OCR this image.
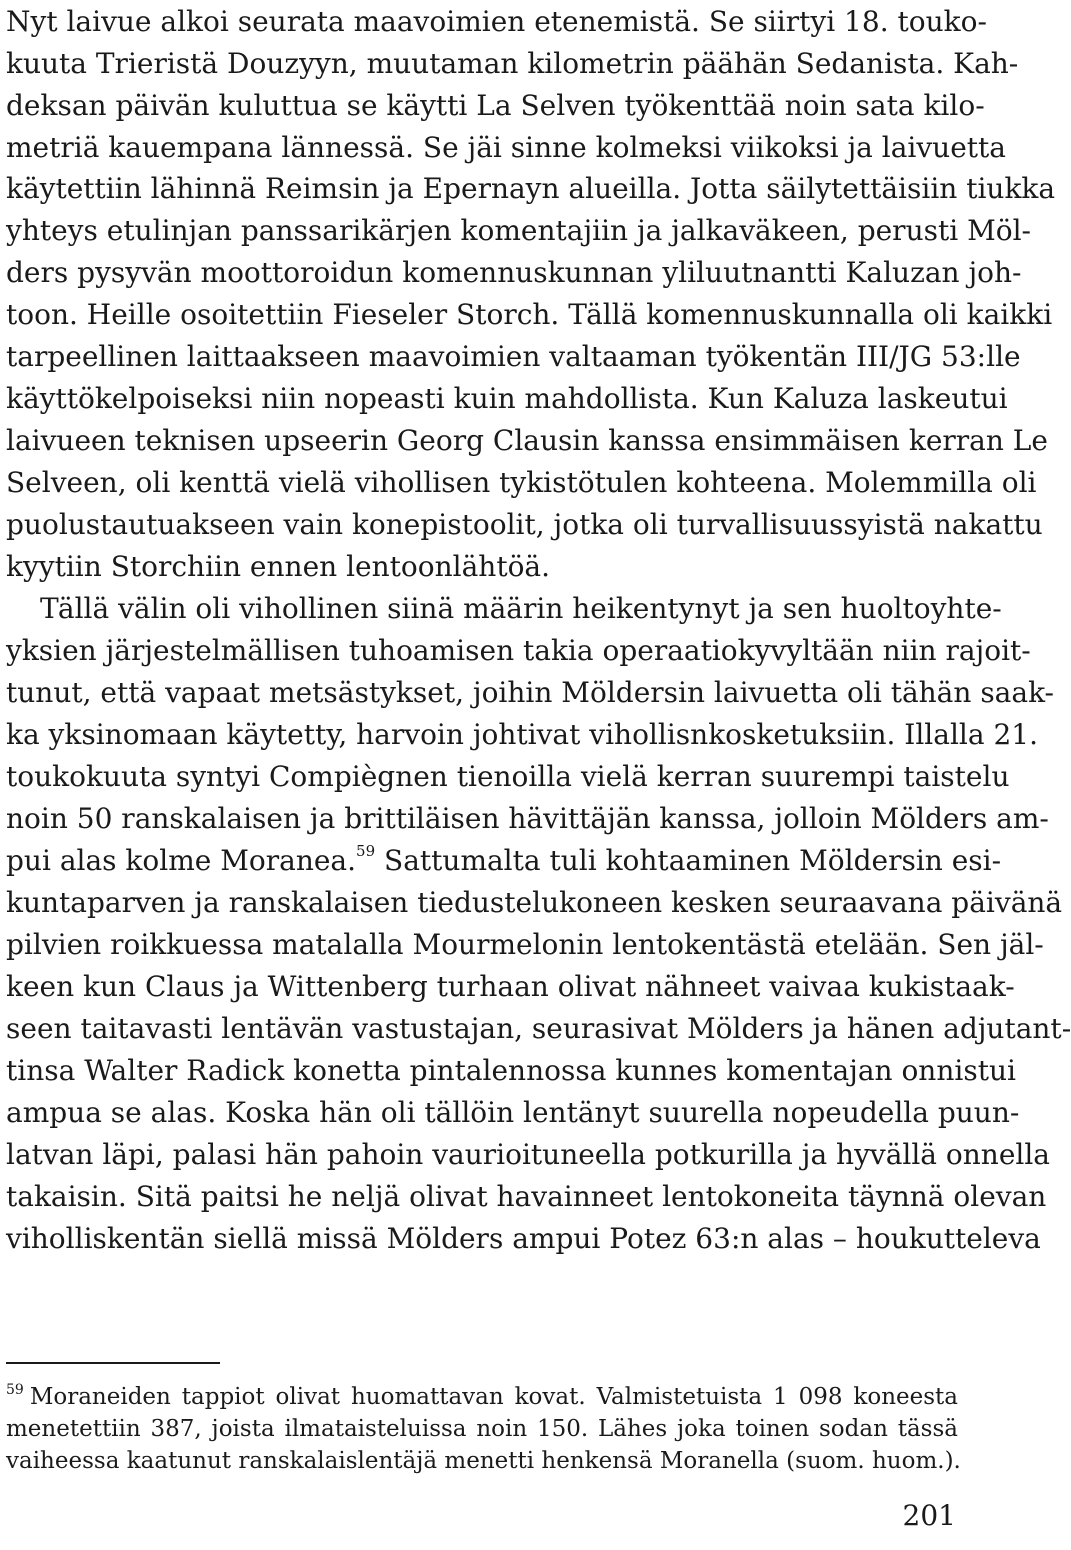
Nyt laivue alkoi seurata maavoimien etenemistä. Se siirtyi 18. touko-
kuuta Trieristä Douzyyn, muutaman kilometrin päähän Sedanista. Kah-
deksan päivän kuluttua se käytti La Selven työkenttää noin sata kilo-
metriä kauempana lännessä. Se jäi sinne kolmeksi viikoksi ja laivuetta
käytettiin lähinnä Reimsin ja Epernayn alueilla. Jotta säilytettäisiin tiukka
yhteys etulinjan panssarikärjen komentajiin ja jalkaväkeen, perusti Möl-
ders pysyvän moottoroidun komennuskunnan yliluutnantti Kaluzan joh-
toon. Heille osoitettiin Fieseler Storch. Tällä komennuskunnalla oli kaikki
tarpeellinen laittaakseen maavoimien valtaaman työkentän III/JG 53:lle
käyttökelpoiseksi niin nopeasti kuin mahdollista. Kun Kaluza laskeutui
laivueen teknisen upseerin Georg Clausin kanssa ensimmäisen kerran Le
Selveen, oli kenttä vielä vihollisen tykistötulen kohteena. Molemmilla oli
puolustautuakseen vain konepistoolit, jotka oli turvallisuussyistä nakattu
kyytiin Storchiin ennen lentoonlähtöä.
Tällä välin oli vihollinen siinä määrin heikentynyt ja sen huoltoyhte-
yksien järjestelmällisen tuhoamisen takia operaatiokyvyltään niin rajoit-
tunut, että vapaat metsästykset, joihin Möldersin laivuetta oli tähän saak-
ka yksinomaan käytetty, harvoin johtivat vihollisnkosketuksiin. Illalla 21.
toukokuuta syntyi Compiègnen tienoilla vielä kerran suurempi taistelu
noin 50 ranskalaisen ja brittiläisen hävittäjän kanssa, jolloin Mölders am-
pui alas kolme Moranea.$^{59}$ Sattumalta tuli kohtaaminen Möldersin esi-
kuntaparven ja ranskalaisen tiedustelukoneen kesken seuraavana päivänä
pilvien roikkuessa matalalla Mourmelonin lentokentästä etelään. Sen jäl-
keen kun Claus ja Wittenberg turhaan olivat nähneet vaivaa kukistaak-
seen taitavasti lentävän vastustajan, seurasivat Mölders ja hänen adjutant-
tinsa Walter Radick konetta pintalennossa kunnes komentajan onnistui
ampua se alas. Koska hän oli tällöin lentänyt suurella nopeudella puun-
latvan läpi, palasi hän pahoin vaurioituneella potkurilla ja hyvällä onnella
takaisin. Sitä paitsi he neljä olivat havainneet lentokoneita täynnä olevan
viholliskentän siellä missä Mölders ampui Potez 63:n alas – houkutteleva
$^{59}$ Moraneiden tappiot olivat huomattavan kovat. Valmistetuista 1 098 koneesta
menetettiin 387, joista ilmataisteluissa noin 150. Lähes joka toinen sodan tässä
vaiheessa kaatunut ranskalaislentäjä menetti henkensä Moranella (suom. huom.).
201
